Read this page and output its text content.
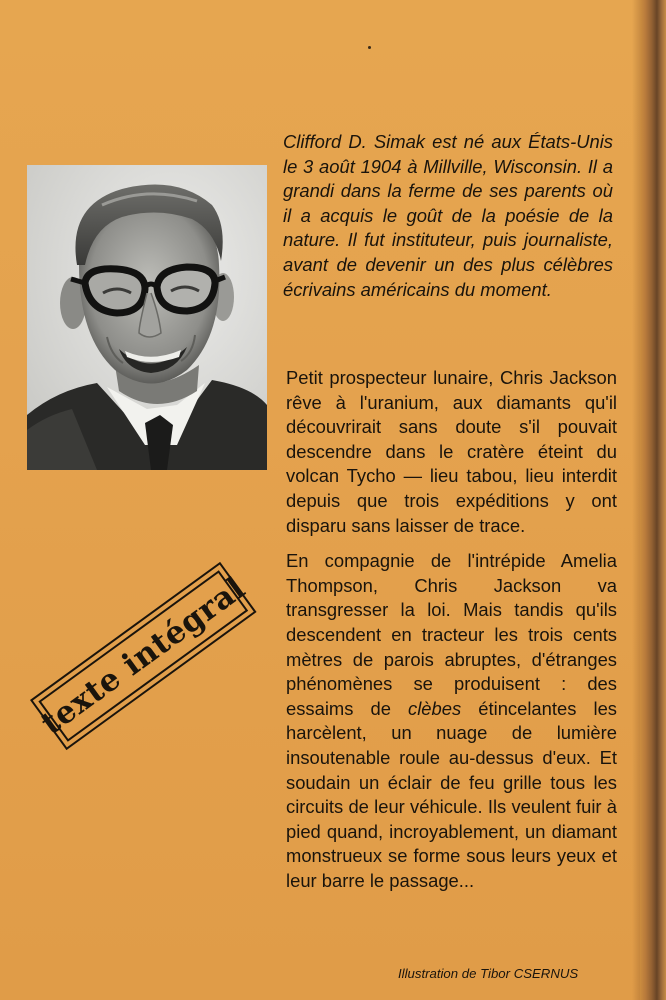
Clifford D. Simak est né aux États-Unis le 3 août 1904 à Millville, Wisconsin. Il a grandi dans la ferme de ses parents où il a acquis le goût de la poésie de la nature. Il fut instituteur, puis journaliste, avant de devenir un des plus célèbres écrivains américains du moment.

Petit prospecteur lunaire, Chris Jackson rêve à l'uranium, aux diamants qu'il découvrirait sans doute s'il pouvait descendre dans le cratère éteint du volcan Tycho — lieu tabou, lieu interdit depuis que trois expéditions y ont disparu sans laisser de trace.

En compagnie de l'intrépide Amelia Thompson, Chris Jackson va transgresser la loi. Mais tandis qu'ils descendent en tracteur les trois cents mètres de parois abruptes, d'étranges phénomènes se produisent : des essaims de clèbes étincelantes les harcèlent, un nuage de lumière insoutenable roule au-dessus d'eux. Et soudain un éclair de feu grille tous les circuits de leur véhicule. Ils veulent fuir à pied quand, incroyablement, un diamant monstrueux se forme sous leurs yeux et leur barre le passage...

texte intégral
Illustration de Tibor CSERNUS
